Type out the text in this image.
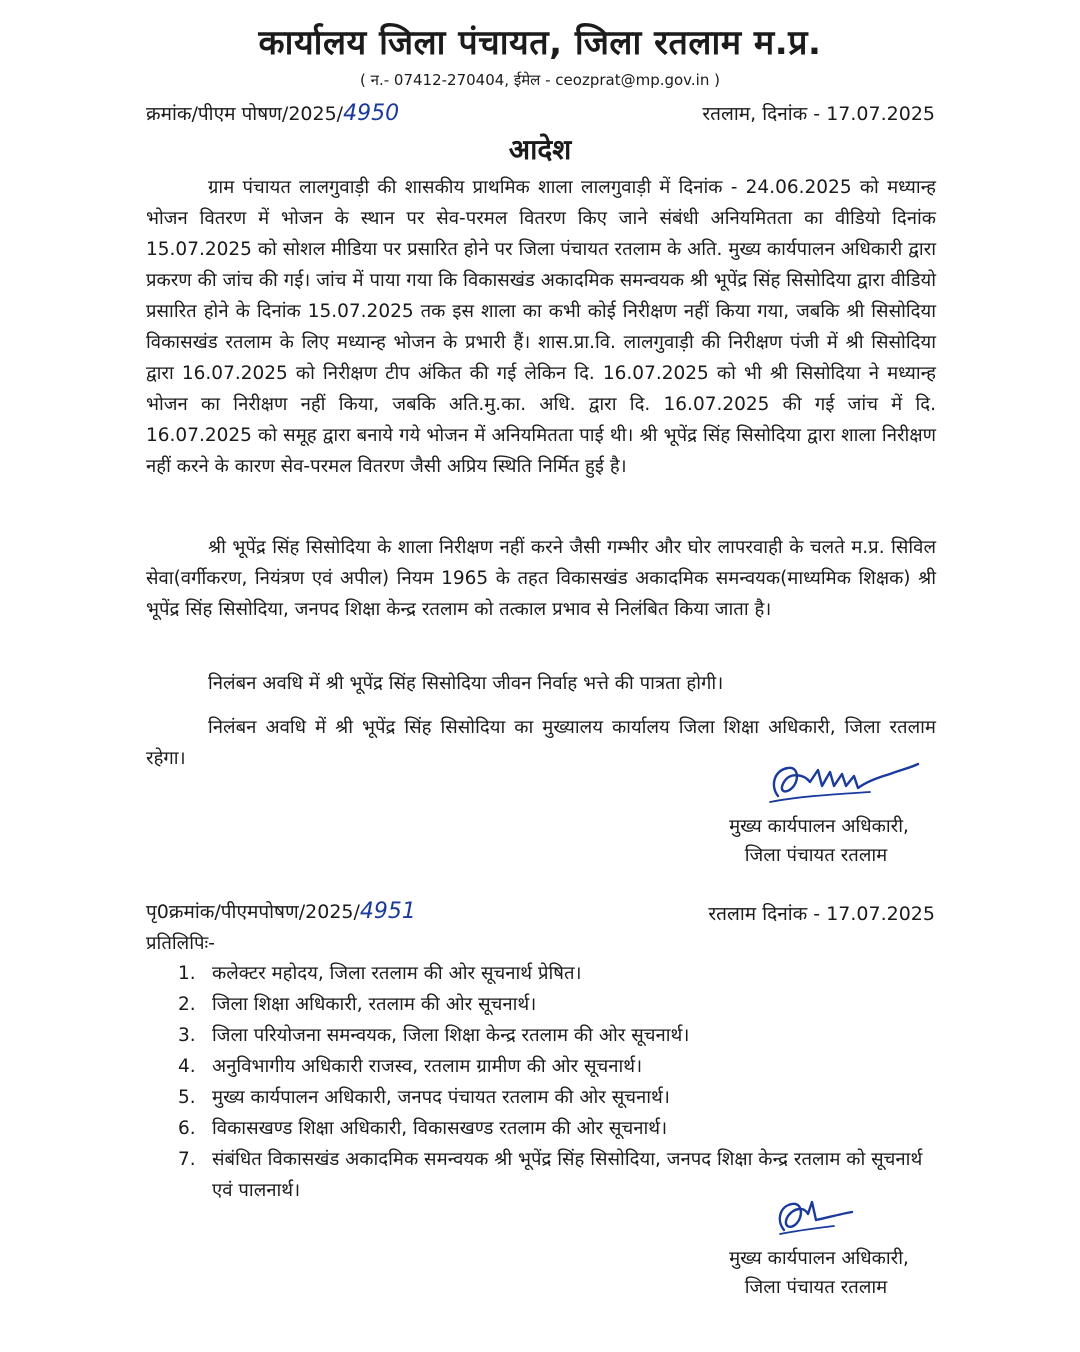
कार्यालय जिला पंचायत, जिला रतलाम म.प्र.
( न.- 07412-270404, ईमेल - ceozprat@mp.gov.in )
क्रमांक/पीएम पोषण/2025/4950	रतलाम, दिनांक - 17.07.2025
आदेश
ग्राम पंचायत लालगुवाड़ी की शासकीय प्राथमिक शाला लालगुवाड़ी में दिनांक - 24.06.2025 को मध्यान्ह भोजन वितरण में भोजन के स्थान पर सेव-परमल वितरण किए जाने संबंधी अनियमितता का वीडियो दिनांक 15.07.2025 को सोशल मीडिया पर प्रसारित होने पर जिला पंचायत रतलाम के अति. मुख्य कार्यपालन अधिकारी द्वारा प्रकरण की जांच की गई। जांच में पाया गया कि विकासखंड अकादमिक समन्वयक श्री भूपेंद्र सिंह सिसोदिया द्वारा वीडियो प्रसारित होने के दिनांक 15.07.2025 तक इस शाला का कभी कोई निरीक्षण नहीं किया गया, जबकि श्री सिसोदिया विकासखंड रतलाम के लिए मध्यान्ह भोजन के प्रभारी हैं। शास.प्रा.वि. लालगुवाड़ी की निरीक्षण पंजी में श्री सिसोदिया द्वारा 16.07.2025 को निरीक्षण टीप अंकित की गई लेकिन दि. 16.07.2025 को भी श्री सिसोदिया ने मध्यान्ह भोजन का निरीक्षण नहीं किया, जबकि अति.मु.का. अधि. द्वारा दि. 16.07.2025 की गई जांच में दि. 16.07.2025 को समूह द्वारा बनाये गये भोजन में अनियमितता पाई थी। श्री भूपेंद्र सिंह सिसोदिया द्वारा शाला निरीक्षण नहीं करने के कारण सेव-परमल वितरण जैसी अप्रिय स्थिति निर्मित हुई है।
श्री भूपेंद्र सिंह सिसोदिया के शाला निरीक्षण नहीं करने जैसी गम्भीर और घोर लापरवाही के चलते म.प्र. सिविल सेवा(वर्गीकरण, नियंत्रण एवं अपील) नियम 1965 के तहत विकासखंड अकादमिक समन्वयक(माध्यमिक शिक्षक) श्री भूपेंद्र सिंह सिसोदिया, जनपद शिक्षा केन्द्र रतलाम को तत्काल प्रभाव से निलंबित किया जाता है।
निलंबन अवधि में श्री भूपेंद्र सिंह सिसोदिया जीवन निर्वाह भत्ते की पात्रता होगी।
निलंबन अवधि में श्री भूपेंद्र सिंह सिसोदिया का मुख्यालय कार्यालय जिला शिक्षा अधिकारी, जिला रतलाम रहेगा।
मुख्य कार्यपालन अधिकारी,
जिला पंचायत रतलाम
पृ0क्रमांक/पीएमपोषण/2025/4951	रतलाम दिनांक - 17.07.2025
प्रतिलिपिः-
1. कलेक्टर महोदय, जिला रतलाम की ओर सूचनार्थ प्रेषित।
2. जिला शिक्षा अधिकारी, रतलाम की ओर सूचनार्थ।
3. जिला परियोजना समन्वयक, जिला शिक्षा केन्द्र रतलाम की ओर सूचनार्थ।
4. अनुविभागीय अधिकारी राजस्व, रतलाम ग्रामीण की ओर सूचनार्थ।
5. मुख्य कार्यपालन अधिकारी, जनपद पंचायत रतलाम की ओर सूचनार्थ।
6. विकासखण्ड शिक्षा अधिकारी, विकासखण्ड रतलाम की ओर सूचनार्थ।
7. संबंधित विकासखंड अकादमिक समन्वयक श्री भूपेंद्र सिंह सिसोदिया, जनपद शिक्षा केन्द्र रतलाम को सूचनार्थ एवं पालनार्थ।
मुख्य कार्यपालन अधिकारी,
जिला पंचायत रतलाम
